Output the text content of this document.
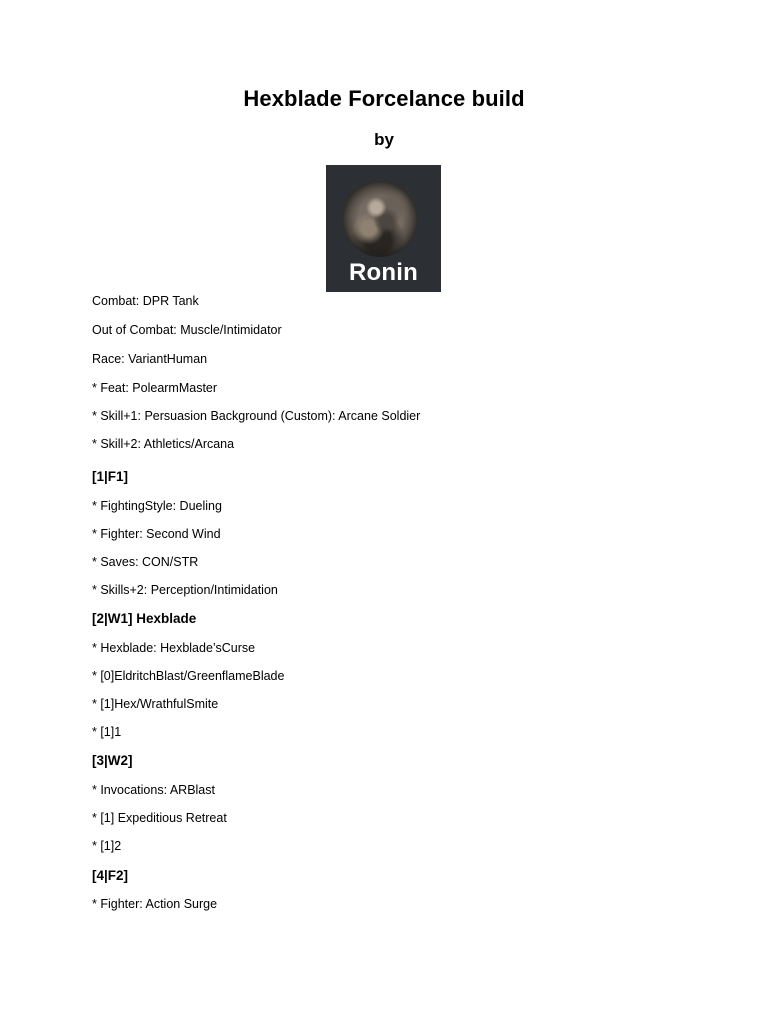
Hexblade Forcelance build
by
Ronin
Combat: DPR Tank
Out of Combat: Muscle/Intimidator
Race: VariantHuman
* Feat: PolearmMaster
* Skill+1: Persuasion Background (Custom): Arcane Soldier
* Skill+2: Athletics/Arcana
[1|F1]
* FightingStyle: Dueling
* Fighter: Second Wind
* Saves: CON/STR
* Skills+2: Perception/Intimidation
[2|W1] Hexblade
* Hexblade: Hexblade’sCurse
* [0]EldritchBlast/GreenflameBlade
* [1]Hex/WrathfulSmite
* [1]1
[3|W2]
* Invocations: ARBlast
* [1] Expeditious Retreat
* [1]2
[4|F2]
* Fighter: Action Surge
